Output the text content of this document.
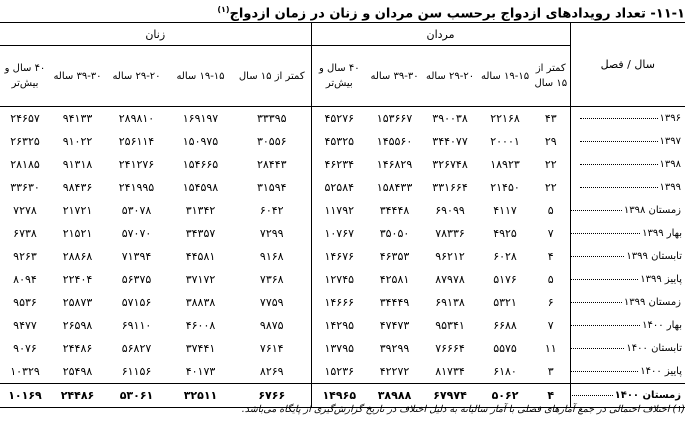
۱۱-۱- تعداد رویدادهای ازدواج برحسب سن مردان و زنان در زمان ازدواج$^{(۱)}$
سال / فصل	مردان					زنان				
	کمتر از ۱۵ سال	۱۹-۱۵ ساله	۲۹-۲۰ ساله	۳۹-۳۰ ساله	۴۰ سال و بیش‌تر	کمتر از ۱۵ سال	۱۹-۱۵ ساله	۲۹-۲۰ ساله	۳۹-۳۰ ساله	۴۰ سال و بیش‌تر
۱۳۹۶	۴۳	۲۲۱۶۸	۳۹۰۰۳۸	۱۵۳۶۶۷	۴۵۲۷۶	۳۳۳۹۵	۱۶۹۱۹۷	۲۸۹۸۱۰	۹۴۱۳۳	۲۴۶۵۷
۱۳۹۷	۲۹	۲۰۰۰۱	۳۴۴۰۷۷	۱۴۵۵۶۰	۴۵۳۲۵	۳۰۵۵۶	۱۵۰۹۷۵	۲۵۶۱۱۴	۹۱۰۲۲	۲۶۳۲۵
۱۳۹۸	۲۲	۱۸۹۲۳	۳۲۶۷۴۸	۱۴۶۸۲۹	۴۶۲۳۴	۲۸۴۴۳	۱۵۴۶۶۵	۲۴۱۲۷۶	۹۱۳۱۸	۲۸۱۸۵
۱۳۹۹	۲۲	۲۱۴۵۰	۳۳۱۶۶۴	۱۵۸۴۳۳	۵۲۵۸۴	۳۱۵۹۴	۱۵۴۵۹۸	۲۴۱۹۹۵	۹۸۴۳۶	۳۳۶۳۰
زمستان ۱۳۹۸	۵	۴۱۱۷	۶۹۰۹۹	۳۴۴۴۸	۱۱۷۹۲	۶۰۴۲	۳۱۳۴۲	۵۳۰۷۸	۲۱۷۲۱	۷۲۷۸
بهار ۱۳۹۹	۷	۴۹۲۵	۷۸۳۳۶	۳۵۰۵۰	۱۰۷۶۷	۷۲۹۹	۳۴۳۵۷	۵۷۰۷۰	۲۱۵۲۱	۶۷۳۸
تابستان ۱۳۹۹	۴	۶۰۲۸	۹۶۲۱۲	۴۶۳۵۳	۱۴۶۷۶	۹۱۶۸	۴۴۵۸۱	۷۱۳۹۴	۲۸۸۶۸	۹۲۶۳
پاییز ۱۳۹۹	۵	۵۱۷۶	۸۷۹۷۸	۴۲۵۸۱	۱۲۷۴۵	۷۳۶۸	۳۷۱۷۲	۵۶۳۷۵	۲۲۴۰۴	۸۰۹۴
زمستان ۱۳۹۹	۶	۵۳۲۱	۶۹۱۳۸	۳۴۴۴۹	۱۴۶۶۶	۷۷۵۹	۳۸۸۳۸	۵۷۱۵۶	۲۵۸۷۳	۹۵۳۶
بهار ۱۴۰۰	۷	۶۶۸۸	۹۵۳۴۱	۴۷۴۷۳	۱۴۲۹۵	۹۸۷۵	۴۶۰۰۸	۶۹۱۱۰	۲۶۵۹۸	۹۴۷۷
تابستان ۱۴۰۰	۱۱	۵۵۷۵	۷۶۶۶۴	۳۹۲۹۹	۱۳۷۹۵	۷۶۱۴	۳۷۴۴۱	۵۶۸۲۷	۲۴۴۸۶	۹۰۷۶
پاییز ۱۴۰۰	۳	۶۱۸۰	۸۱۷۳۴	۴۲۲۷۲	۱۵۲۳۶	۸۲۶۹	۴۰۱۷۳	۶۱۱۵۶	۲۵۴۹۸	۱۰۳۲۹
زمستان ۱۴۰۰	۴	۵۰۶۲	۶۷۹۷۴	۳۸۹۸۸	۱۴۹۶۵	۶۷۶۶	۳۲۵۱۱	۵۳۰۶۱	۲۴۴۸۶	۱۰۱۶۹
(۱) اختلاف احتمالی در جمع آمارهای فصلی با آمار سالیانه به دلیل اختلاف در تاریخ گزارش‌گیری از پایگاه می‌باشد.
